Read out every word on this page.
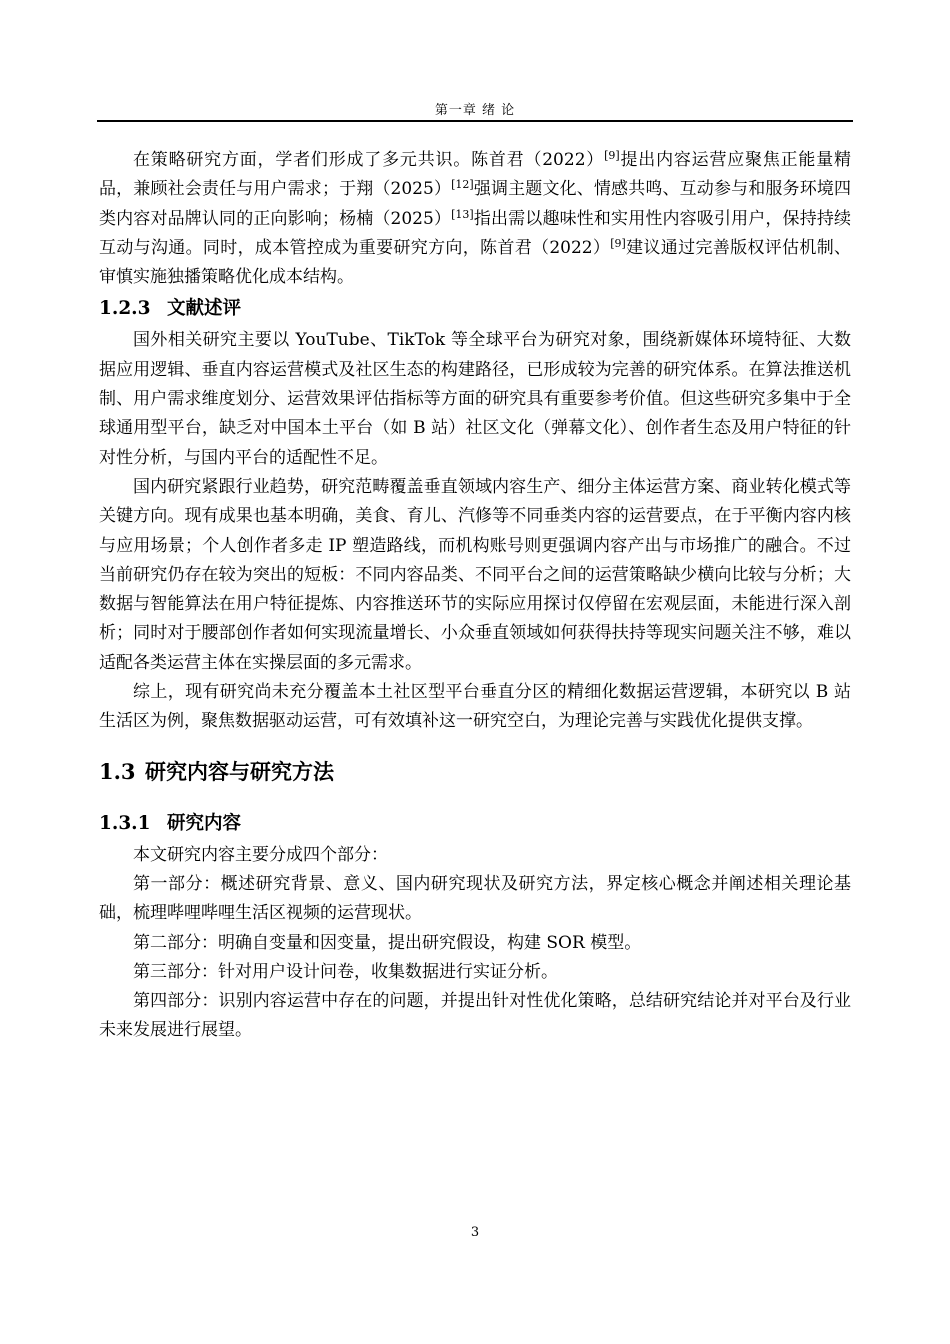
第一章 绪 论

在策略研究方面，学者们形成了多元共识。陈首君（2022）[9]提出内容运营应聚焦正能量精品，兼顾社会责任与用户需求；于翔（2025）[12]强调主题文化、情感共鸣、互动参与和服务环境四类内容对品牌认同的正向影响；杨楠（2025）[13]指出需以趣味性和实用性内容吸引用户，保持持续互动与沟通。同时，成本管控成为重要研究方向，陈首君（2022）[9]建议通过完善版权评估机制、审慎实施独播策略优化成本结构。

1.2.3 文献述评

国外相关研究主要以 YouTube、TikTok 等全球平台为研究对象，围绕新媒体环境特征、大数据应用逻辑、垂直内容运营模式及社区生态的构建路径，已形成较为完善的研究体系。在算法推送机制、用户需求维度划分、运营效果评估指标等方面的研究具有重要参考价值。但这些研究多集中于全球通用型平台，缺乏对中国本土平台（如 B 站）社区文化（弹幕文化）、创作者生态及用户特征的针对性分析，与国内平台的适配性不足。

国内研究紧跟行业趋势，研究范畴覆盖垂直领域内容生产、细分主体运营方案、商业转化模式等关键方向。现有成果也基本明确，美食、育儿、汽修等不同垂类内容的运营要点，在于平衡内容内核与应用场景；个人创作者多走 IP 塑造路线，而机构账号则更强调内容产出与市场推广的融合。不过当前研究仍存在较为突出的短板：不同内容品类、不同平台之间的运营策略缺少横向比较与分析；大数据与智能算法在用户特征提炼、内容推送环节的实际应用探讨仅停留在宏观层面，未能进行深入剖析；同时对于腰部创作者如何实现流量增长、小众垂直领域如何获得扶持等现实问题关注不够，难以适配各类运营主体在实操层面的多元需求。

综上，现有研究尚未充分覆盖本土社区型平台垂直分区的精细化数据运营逻辑，本研究以 B 站生活区为例，聚焦数据驱动运营，可有效填补这一研究空白，为理论完善与实践优化提供支撑。

1.3 研究内容与研究方法
1.3.1 研究内容

本文研究内容主要分成四个部分：

第一部分：概述研究背景、意义、国内研究现状及研究方法，界定核心概念并阐述相关理论基础，梳理哔哩哔哩生活区视频的运营现状。

第二部分：明确自变量和因变量，提出研究假设，构建 SOR 模型。

第三部分：针对用户设计问卷，收集数据进行实证分析。

第四部分：识别内容运营中存在的问题，并提出针对性优化策略，总结研究结论并对平台及行业未来发展进行展望。

3
